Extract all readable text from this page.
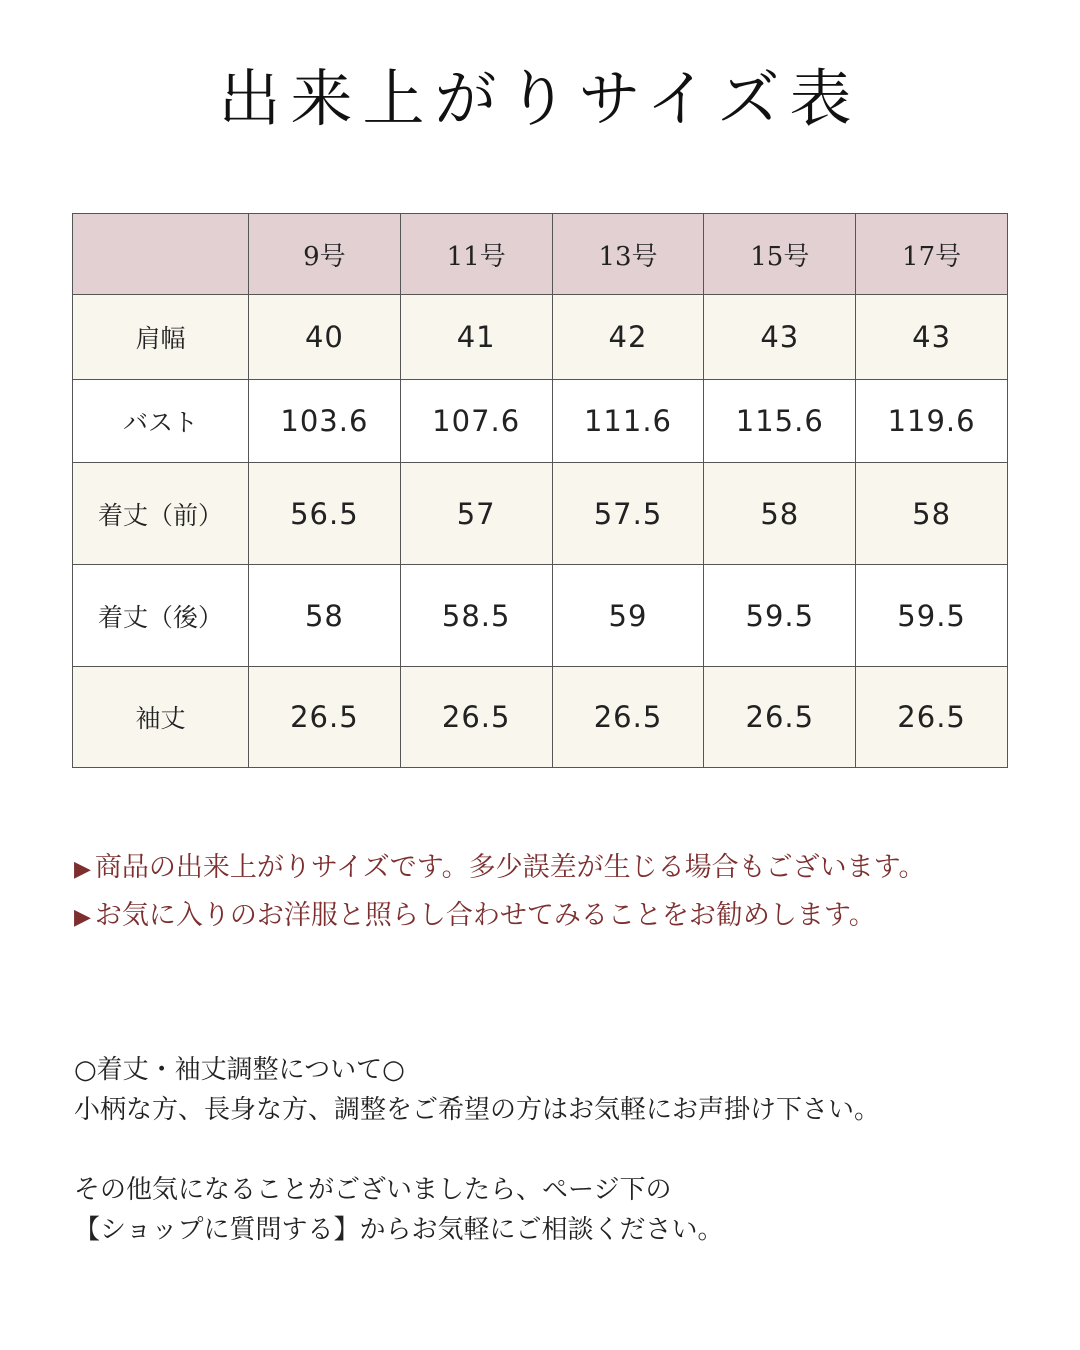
出来上がりサイズ表
	9号	11号	13号	15号	17号
肩幅	40	41	42	43	43
バスト	103.6	107.6	111.6	115.6	119.6
着丈（前）	56.5	57	57.5	58	58
着丈（後）	58	58.5	59	59.5	59.5
袖丈	26.5	26.5	26.5	26.5	26.5
▶ 商品の出来上がりサイズです。多少誤差が生じる場合もございます。
▶ お気に入りのお洋服と照らし合わせてみることをお勧めします。
○着丈・袖丈調整について○
小柄な方、長身な方、調整をご希望の方はお気軽にお声掛け下さい。
その他気になることがございましたら、ページ下の
【ショップに質問する】からお気軽にご相談ください。
